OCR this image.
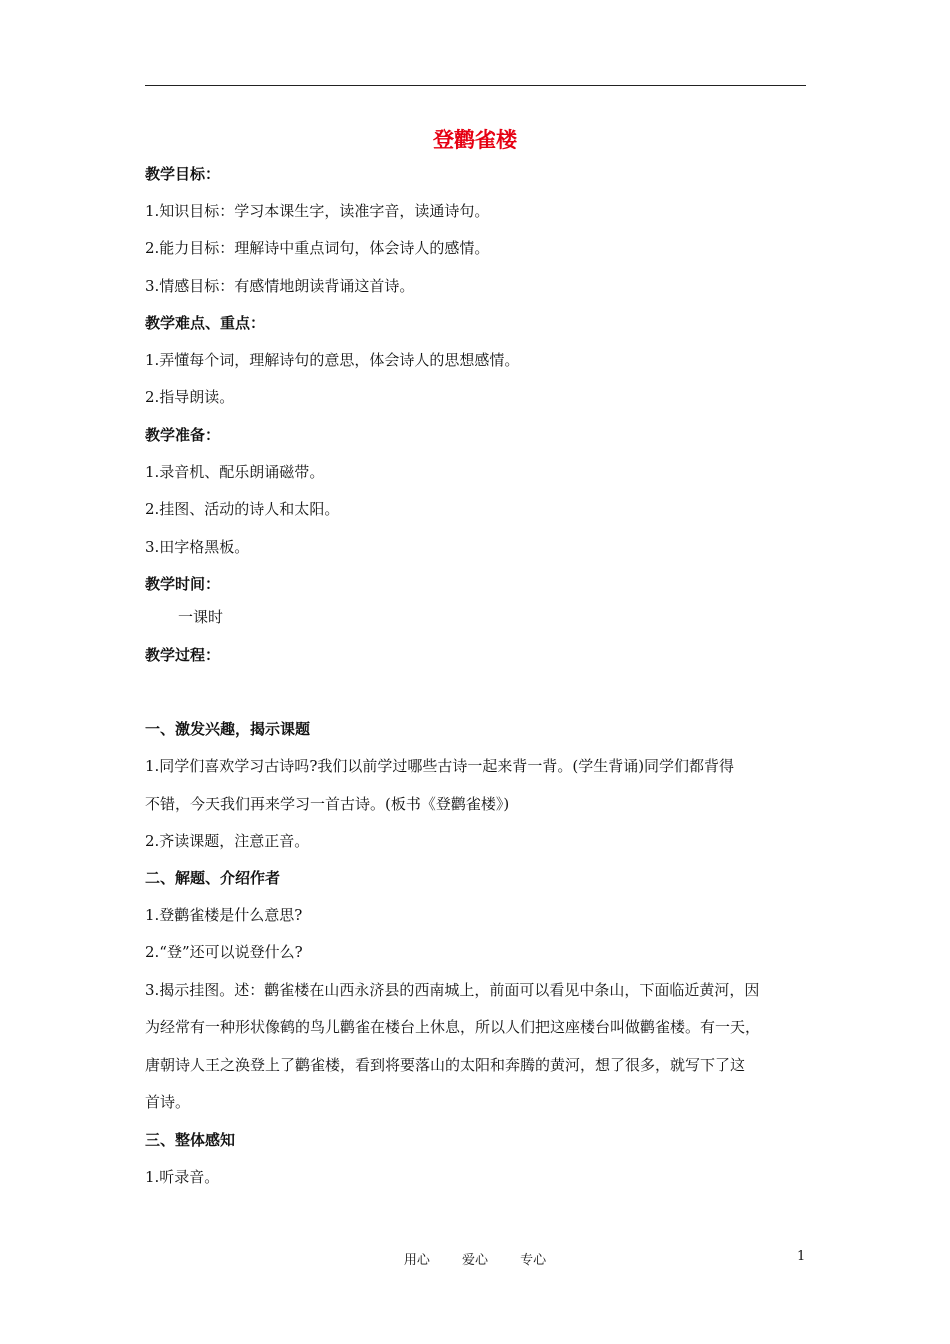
登鹳雀楼
教学目标：
1.知识目标：学习本课生字，读准字音，读通诗句。
2.能力目标：理解诗中重点词句，体会诗人的感情。
3.情感目标：有感情地朗读背诵这首诗。
教学难点、重点：
1.弄懂每个词，理解诗句的意思，体会诗人的思想感情。
2.指导朗读。
教学准备：
1.录音机、配乐朗诵磁带。
2.挂图、活动的诗人和太阳。
3.田字格黑板。
教学时间：
一课时
教学过程：
一、激发兴趣，揭示课题
1.同学们喜欢学习古诗吗?我们以前学过哪些古诗一起来背一背。(学生背诵)同学们都背得
不错，今天我们再来学习一首古诗。(板书《登鹳雀楼》)
2.齐读课题，注意正音。
二、解题、介绍作者
1.登鹳雀楼是什么意思?
2.“登”还可以说登什么?
3.揭示挂图。述：鹳雀楼在山西永济县的西南城上，前面可以看见中条山，下面临近黄河，因
为经常有一种形状像鹤的鸟儿鹳雀在楼台上休息，所以人们把这座楼台叫做鹳雀楼。有一天，
唐朝诗人王之涣登上了鹳雀楼，看到将要落山的太阳和奔腾的黄河，想了很多，就写下了这
首诗。
三、整体感知
1.听录音。
用心 爱心 专心	1
